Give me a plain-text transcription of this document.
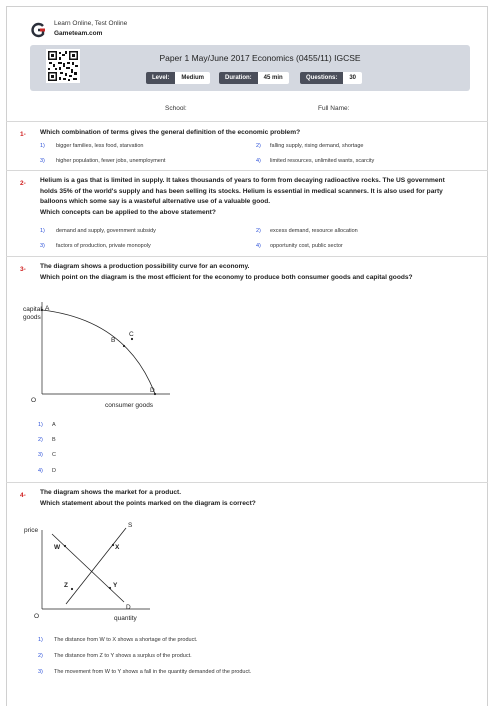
Learn Online, Test Online
Gameteam.com
Paper 1 May/June 2017 Economics (0455/11) IGCSE
Level:	Medium	Duration:	45 min	Questions:	30
School:	Full Name:
1- Which combination of terms gives the general definition of the economic problem?
1) bigger families, less food, starvation	2) falling supply, rising demand, shortage
3) higher population, fewer jobs, unemployment	4) limited resources, unlimited wants, scarcity
2- Helium is a gas that is limited in supply. It takes thousands of years to form from decaying radioactive rocks. The US government
holds 35% of the world's supply and has been selling its stocks. Helium is essential in medical scanners. It is also used for party
balloons which some say is a wasteful alternative use of a valuable good.
Which concepts can be applied to the above statement?
1) demand and supply, government subsidy	2) excess demand, resource allocation
3) factors of production, private monopoly	4) opportunity cost, public sector
3- The diagram shows a production possibility curve for an economy.
Which point on the diagram is the most efficient for the economy to produce both consumer goods and capital goods?
capital
goods
A
B
C
D
O
consumer goods
1) A
2) B
3) C
4) D
4- The diagram shows the market for a product.
Which statement about the points marked on the diagram is correct?
price
S
D
W	X
Z	Y
O	quantity
1) The distance from W to X shows a shortage of the product.
2) The distance from Z to Y shows a surplus of the product.
3) The movement from W to Y shows a fall in the quantity demanded of the product.
